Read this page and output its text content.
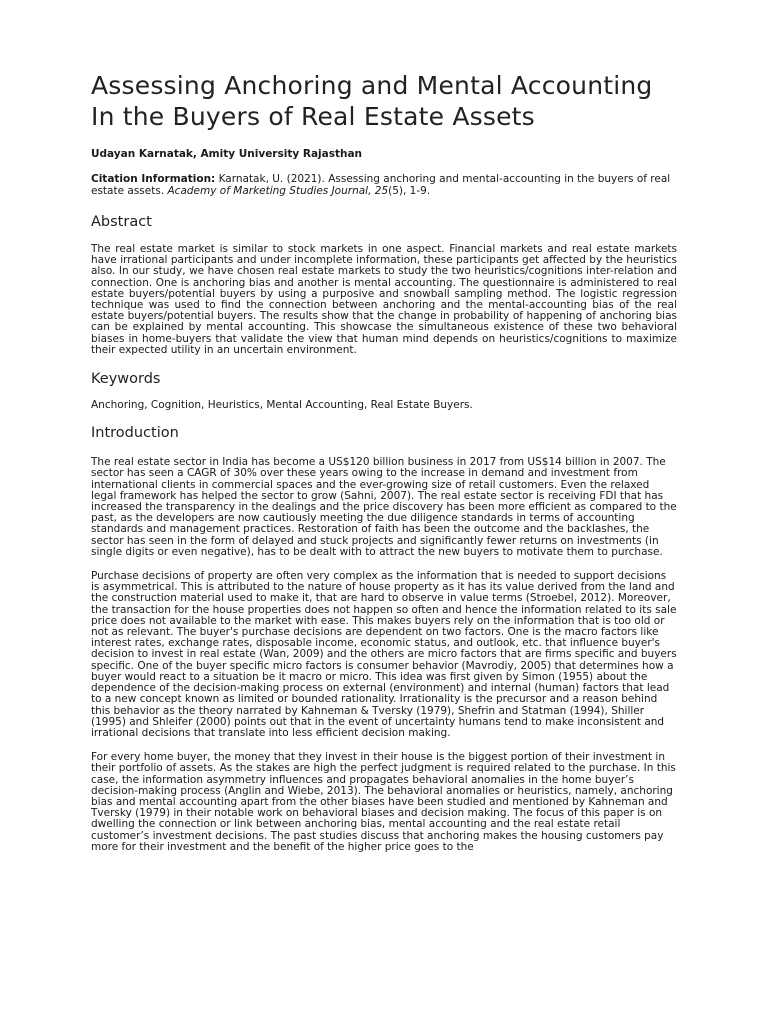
Assessing Anchoring and Mental Accounting In the Buyers of Real Estate Assets
Udayan Karnatak, Amity University Rajasthan
Citation Information: Karnatak, U. (2021). Assessing anchoring and mental-accounting in the buyers of real estate assets. Academy of Marketing Studies Journal, 25(5), 1-9.
Abstract

The real estate market is similar to stock markets in one aspect. Financial markets and real estate markets have irrational participants and under incomplete information, these participants get affected by the heuristics also. In our study, we have chosen real estate markets to study the two heuristics/cognitions inter-relation and connection. One is anchoring bias and another is mental accounting. The questionnaire is administered to real estate buyers/potential buyers by using a purposive and snowball sampling method. The logistic regression technique was used to find the connection between anchoring and the mental-accounting bias of the real estate buyers/potential buyers. The results show that the change in probability of happening of anchoring bias can be explained by mental accounting. This showcase the simultaneous existence of these two behavioral biases in home-buyers that validate the view that human mind depends on heuristics/cognitions to maximize their expected utility in an uncertain environment.

Keywords

Anchoring, Cognition, Heuristics, Mental Accounting, Real Estate Buyers.

Introduction

The real estate sector in India has become a US$120 billion business in 2017 from US$14 billion in 2007. The sector has seen a CAGR of 30% over these years owing to the increase in demand and investment from international clients in commercial spaces and the ever-growing size of retail customers. Even the relaxed legal framework has helped the sector to grow (Sahni, 2007). The real estate sector is receiving FDI that has increased the transparency in the dealings and the price discovery has been more efficient as compared to the past, as the developers are now cautiously meeting the due diligence standards in terms of accounting standards and management practices. Restoration of faith has been the outcome and the backlashes, the sector has seen in the form of delayed and stuck projects and significantly fewer returns on investments (in single digits or even negative), has to be dealt with to attract the new buyers to motivate them to purchase.

Purchase decisions of property are often very complex as the information that is needed to support decisions is asymmetrical. This is attributed to the nature of house property as it has its value derived from the land and the construction material used to make it, that are hard to observe in value terms (Stroebel, 2012). Moreover, the transaction for the house properties does not happen so often and hence the information related to its sale price does not available to the market with ease. This makes buyers rely on the information that is too old or not as relevant. The buyer's purchase decisions are dependent on two factors. One is the macro factors like interest rates, exchange rates, disposable income, economic status, and outlook, etc. that influence buyer's decision to invest in real estate (Wan, 2009) and the others are micro factors that are firms specific and buyers specific. One of the buyer specific micro factors is consumer behavior (Mavrodiy, 2005) that determines how a buyer would react to a situation be it macro or micro. This idea was first given by Simon (1955) about the dependence of the decision-making process on external (environment) and internal (human) factors that lead to a new concept known as limited or bounded rationality. Irrationality is the precursor and a reason behind this behavior as the theory narrated by Kahneman & Tversky (1979), Shefrin and Statman (1994), Shiller (1995) and Shleifer (2000) points out that in the event of uncertainty humans tend to make inconsistent and irrational decisions that translate into less efficient decision making.

For every home buyer, the money that they invest in their house is the biggest portion of their investment in their portfolio of assets. As the stakes are high the perfect judgment is required related to the purchase. In this case, the information asymmetry influences and propagates behavioral anomalies in the home buyer’s decision-making process (Anglin and Wiebe, 2013). The behavioral anomalies or heuristics, namely, anchoring bias and mental accounting apart from the other biases have been studied and mentioned by Kahneman and Tversky (1979) in their notable work on behavioral biases and decision making. The focus of this paper is on dwelling the connection or link between anchoring bias, mental accounting and the real estate retail customer’s investment decisions. The past studies discuss that anchoring makes the housing customers pay more for their investment and the benefit of the higher price goes to the
